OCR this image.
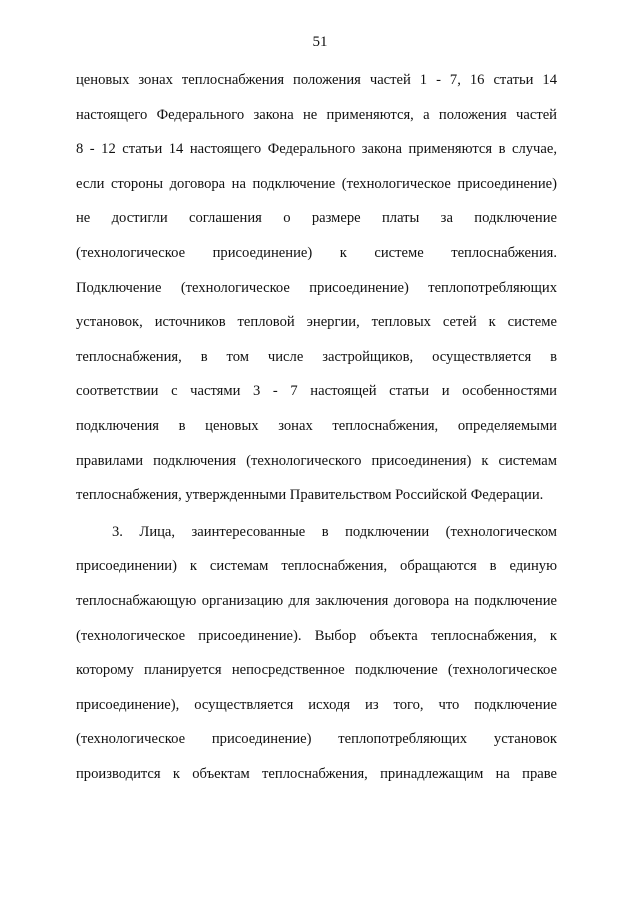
51
ценовых зонах теплоснабжения положения частей 1 - 7, 16 статьи 14
настоящего Федерального закона не применяются, а положения частей
8 - 12 статьи 14 настоящего Федерального закона применяются в случае,
если стороны договора на подключение (технологическое присоединение)
не достигли соглашения о размере платы за подключение
(технологическое присоединение) к системе теплоснабжения.
Подключение (технологическое присоединение) теплопотребляющих
установок, источников тепловой энергии, тепловых сетей к системе
теплоснабжения, в том числе застройщиков, осуществляется в
соответствии с частями 3 - 7 настоящей статьи и особенностями
подключения в ценовых зонах теплоснабжения, определяемыми
правилами подключения (технологического присоединения) к системам
теплоснабжения, утвержденными Правительством Российской Федерации.
3. Лица, заинтересованные в подключении (технологическом
присоединении) к системам теплоснабжения, обращаются в единую
теплоснабжающую организацию для заключения договора на подключение
(технологическое присоединение). Выбор объекта теплоснабжения, к
которому планируется непосредственное подключение (технологическое
присоединение), осуществляется исходя из того, что подключение
(технологическое присоединение) теплопотребляющих установок
производится к объектам теплоснабжения, принадлежащим на праве
